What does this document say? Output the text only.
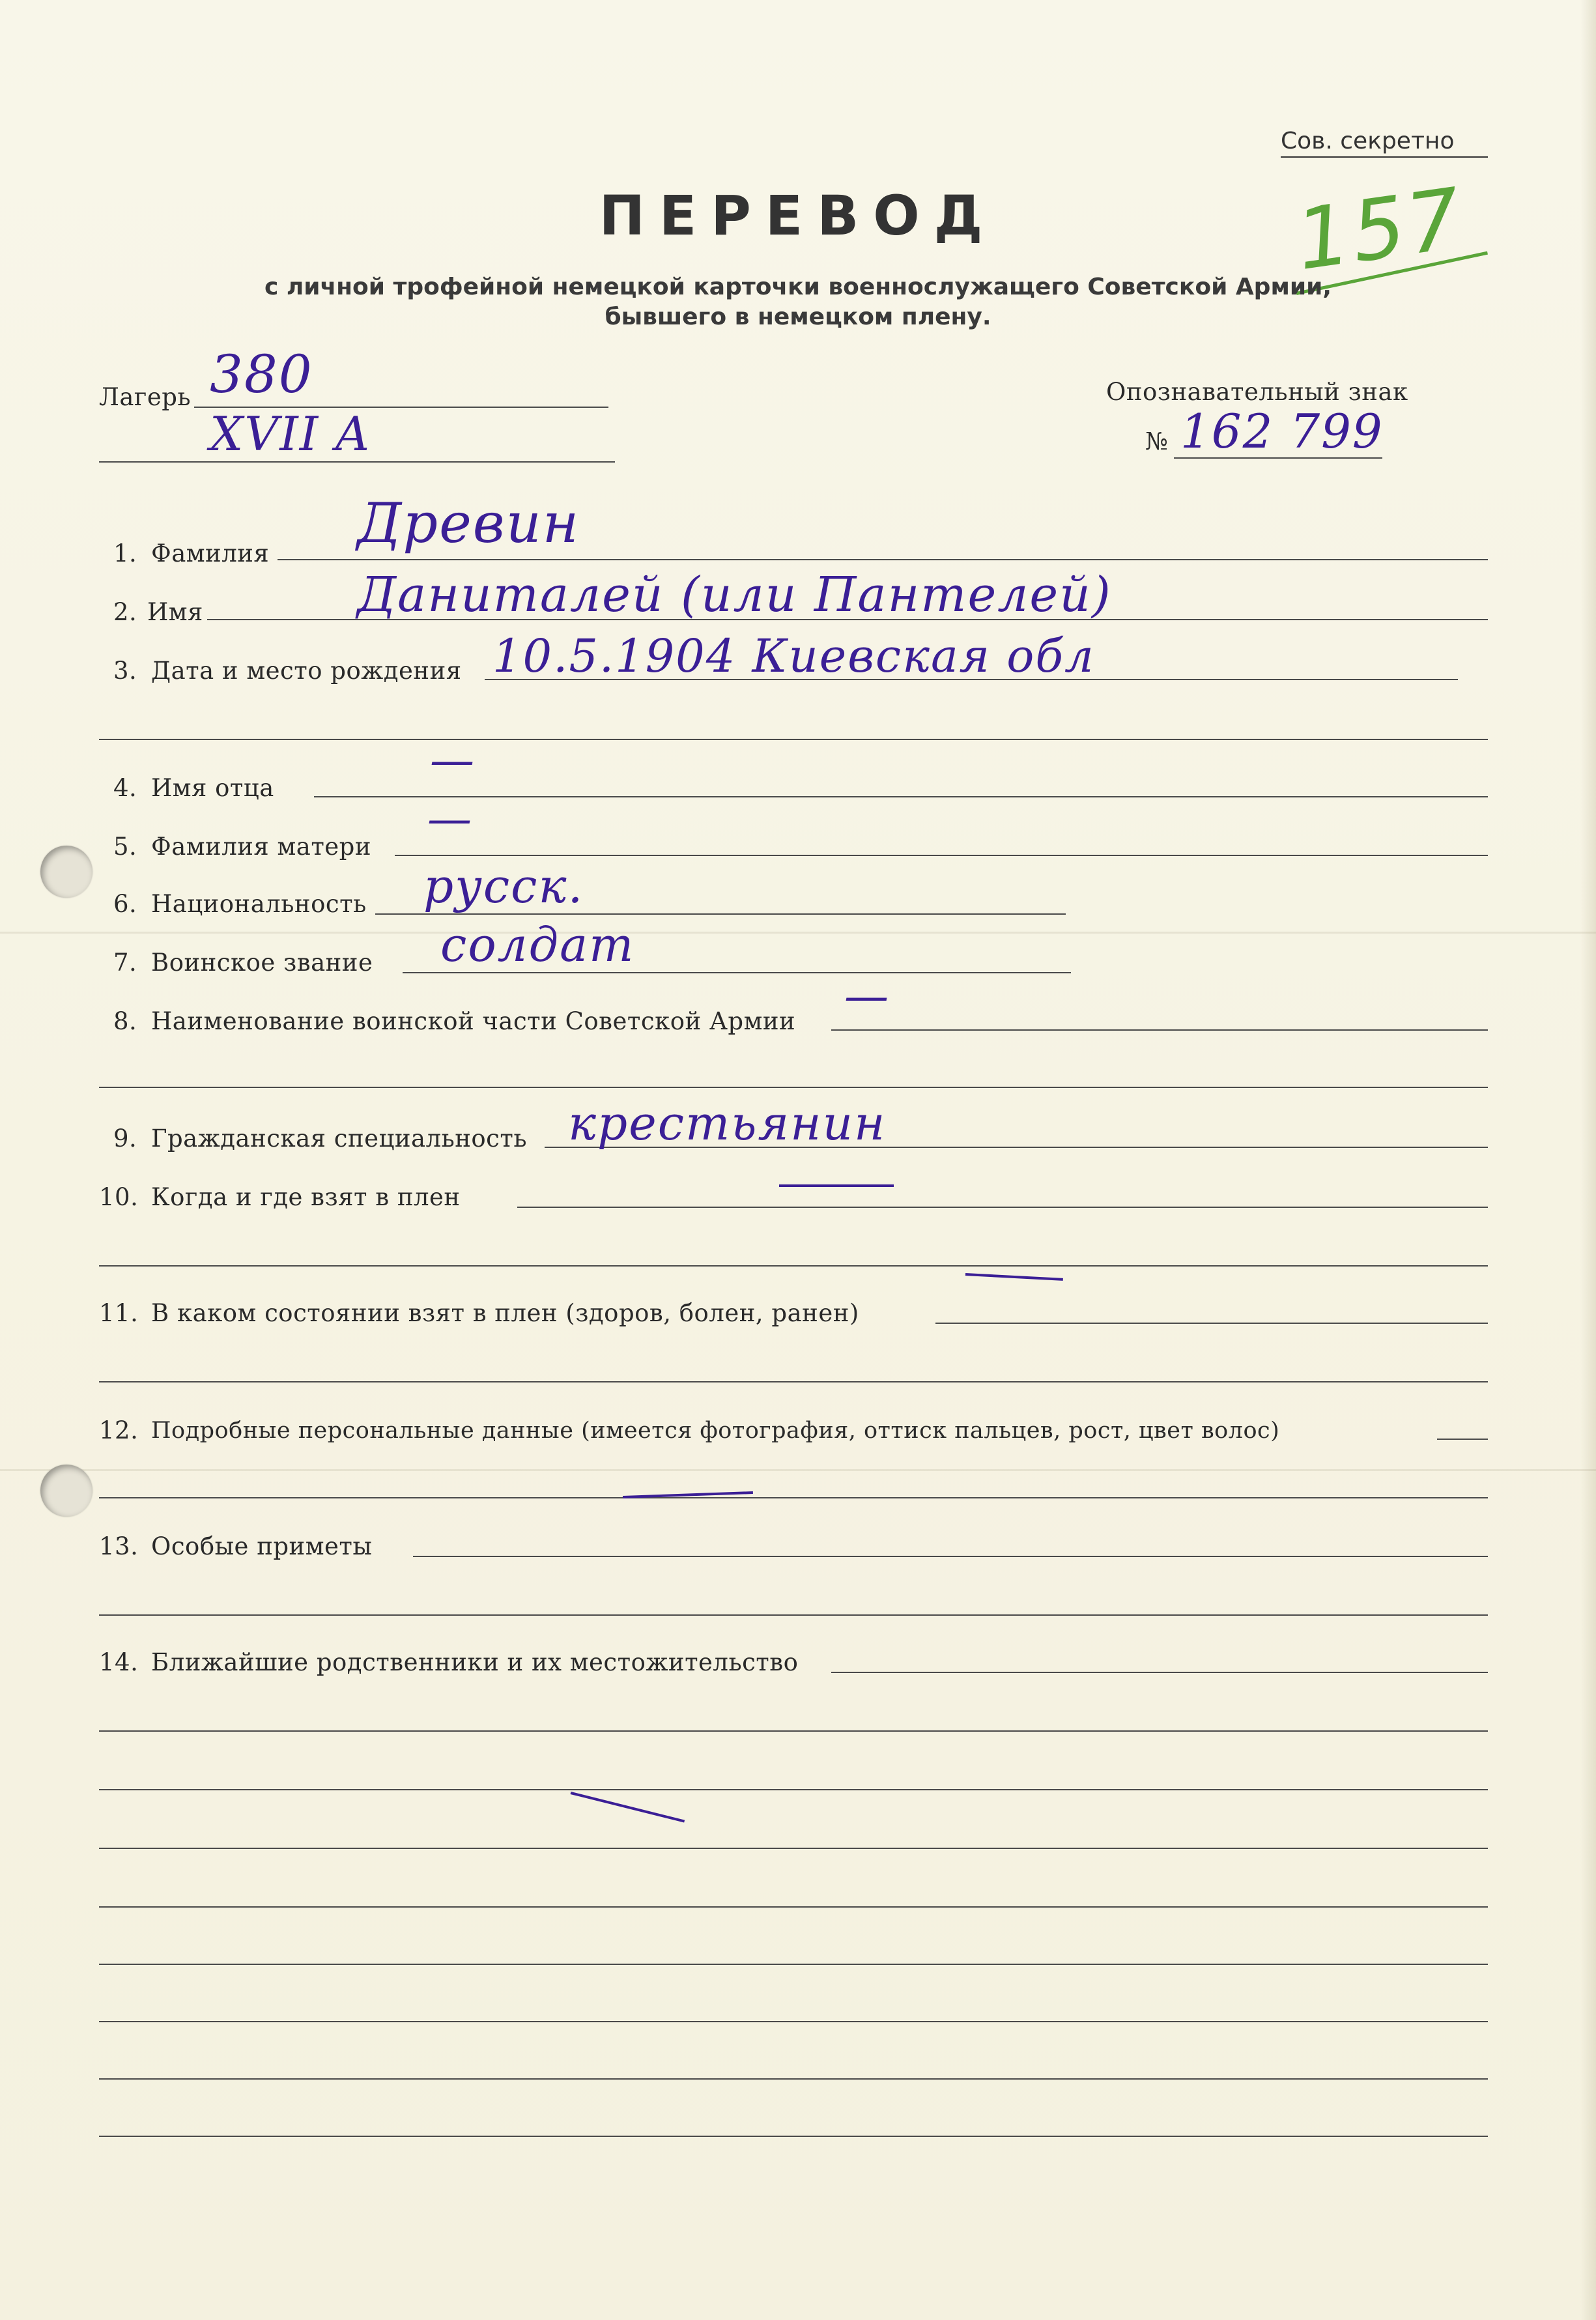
Сов. секретно
157
ПЕРЕВОД
с личной трофейной немецкой карточки военнослужащего Советской Армии,
бывшего в немецком плену.
Лагерь 380
XVII A
Опознавательный знак
№ 162 799
1. Фамилия Древин
2. Имя	Даниталей (или Пантелей)
3. Дата и место рождения 10.5.1904 Киевская обл
4. Имя отца
—
5. Фамилия матери
—
6. Национальность русск.
7. Воинское звание солдат
8. Наименование воинской части Советской Армии —
9. Гражданская специальность крестьянин
10. Когда и где взят в плен
11. В каком состоянии взят в плен (здоров, болен, ранен)
12. Подробные персональные данные (имеется фотография, оттиск пальцев, рост, цвет волос)
13. Особые приметы
14. Ближайшие родственники и их местожительство
